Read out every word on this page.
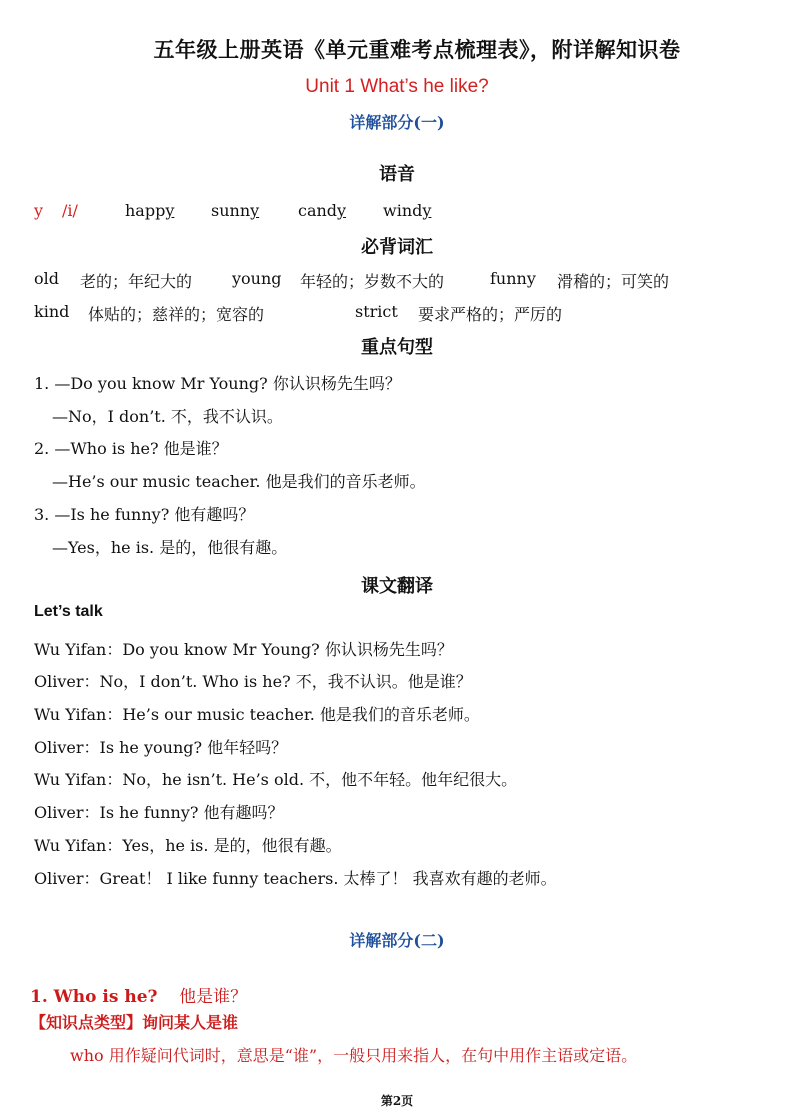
五年级上册英语《单元重难考点梳理表》，附详解知识卷
Unit 1 What’s he like?
详解部分(一)
语音
y /i/	happy sunny candy windy
必背词汇
old 老的；年纪大的 young 年轻的；岁数不大的	funny 滑稽的；可笑的
kind 体贴的；慈祥的；宽容的	strict 要求严格的；严厉的
重点句型
1. —Do you know Mr Young? 你认识杨先生吗？
—No，I don’t. 不，我不认识。
2. —Who is he? 他是谁？
—He’s our music teacher. 他是我们的音乐老师。
3. —Is he funny? 他有趣吗？
—Yes，he is. 是的，他很有趣。
课文翻译
Let’s talk
Wu Yifan：Do you know Mr Young? 你认识杨先生吗？
Oliver：No，I don’t. Who is he? 不，我不认识。他是谁？
Wu Yifan：He’s our music teacher. 他是我们的音乐老师。
Oliver：Is he young? 他年轻吗？
Wu Yifan：No，he isn’t. He’s old. 不，他不年轻。他年纪很大。
Oliver：Is he funny? 他有趣吗？
Wu Yifan：Yes，he is. 是的，他很有趣。
Oliver：Great！ I like funny teachers. 太棒了！ 我喜欢有趣的老师。
详解部分(二)
1. Who is he? 他是谁？
【知识点类型】询问某人是谁
who 用作疑问代词时，意思是“谁”，一般只用来指人，在句中用作主语或定语。
第2页
